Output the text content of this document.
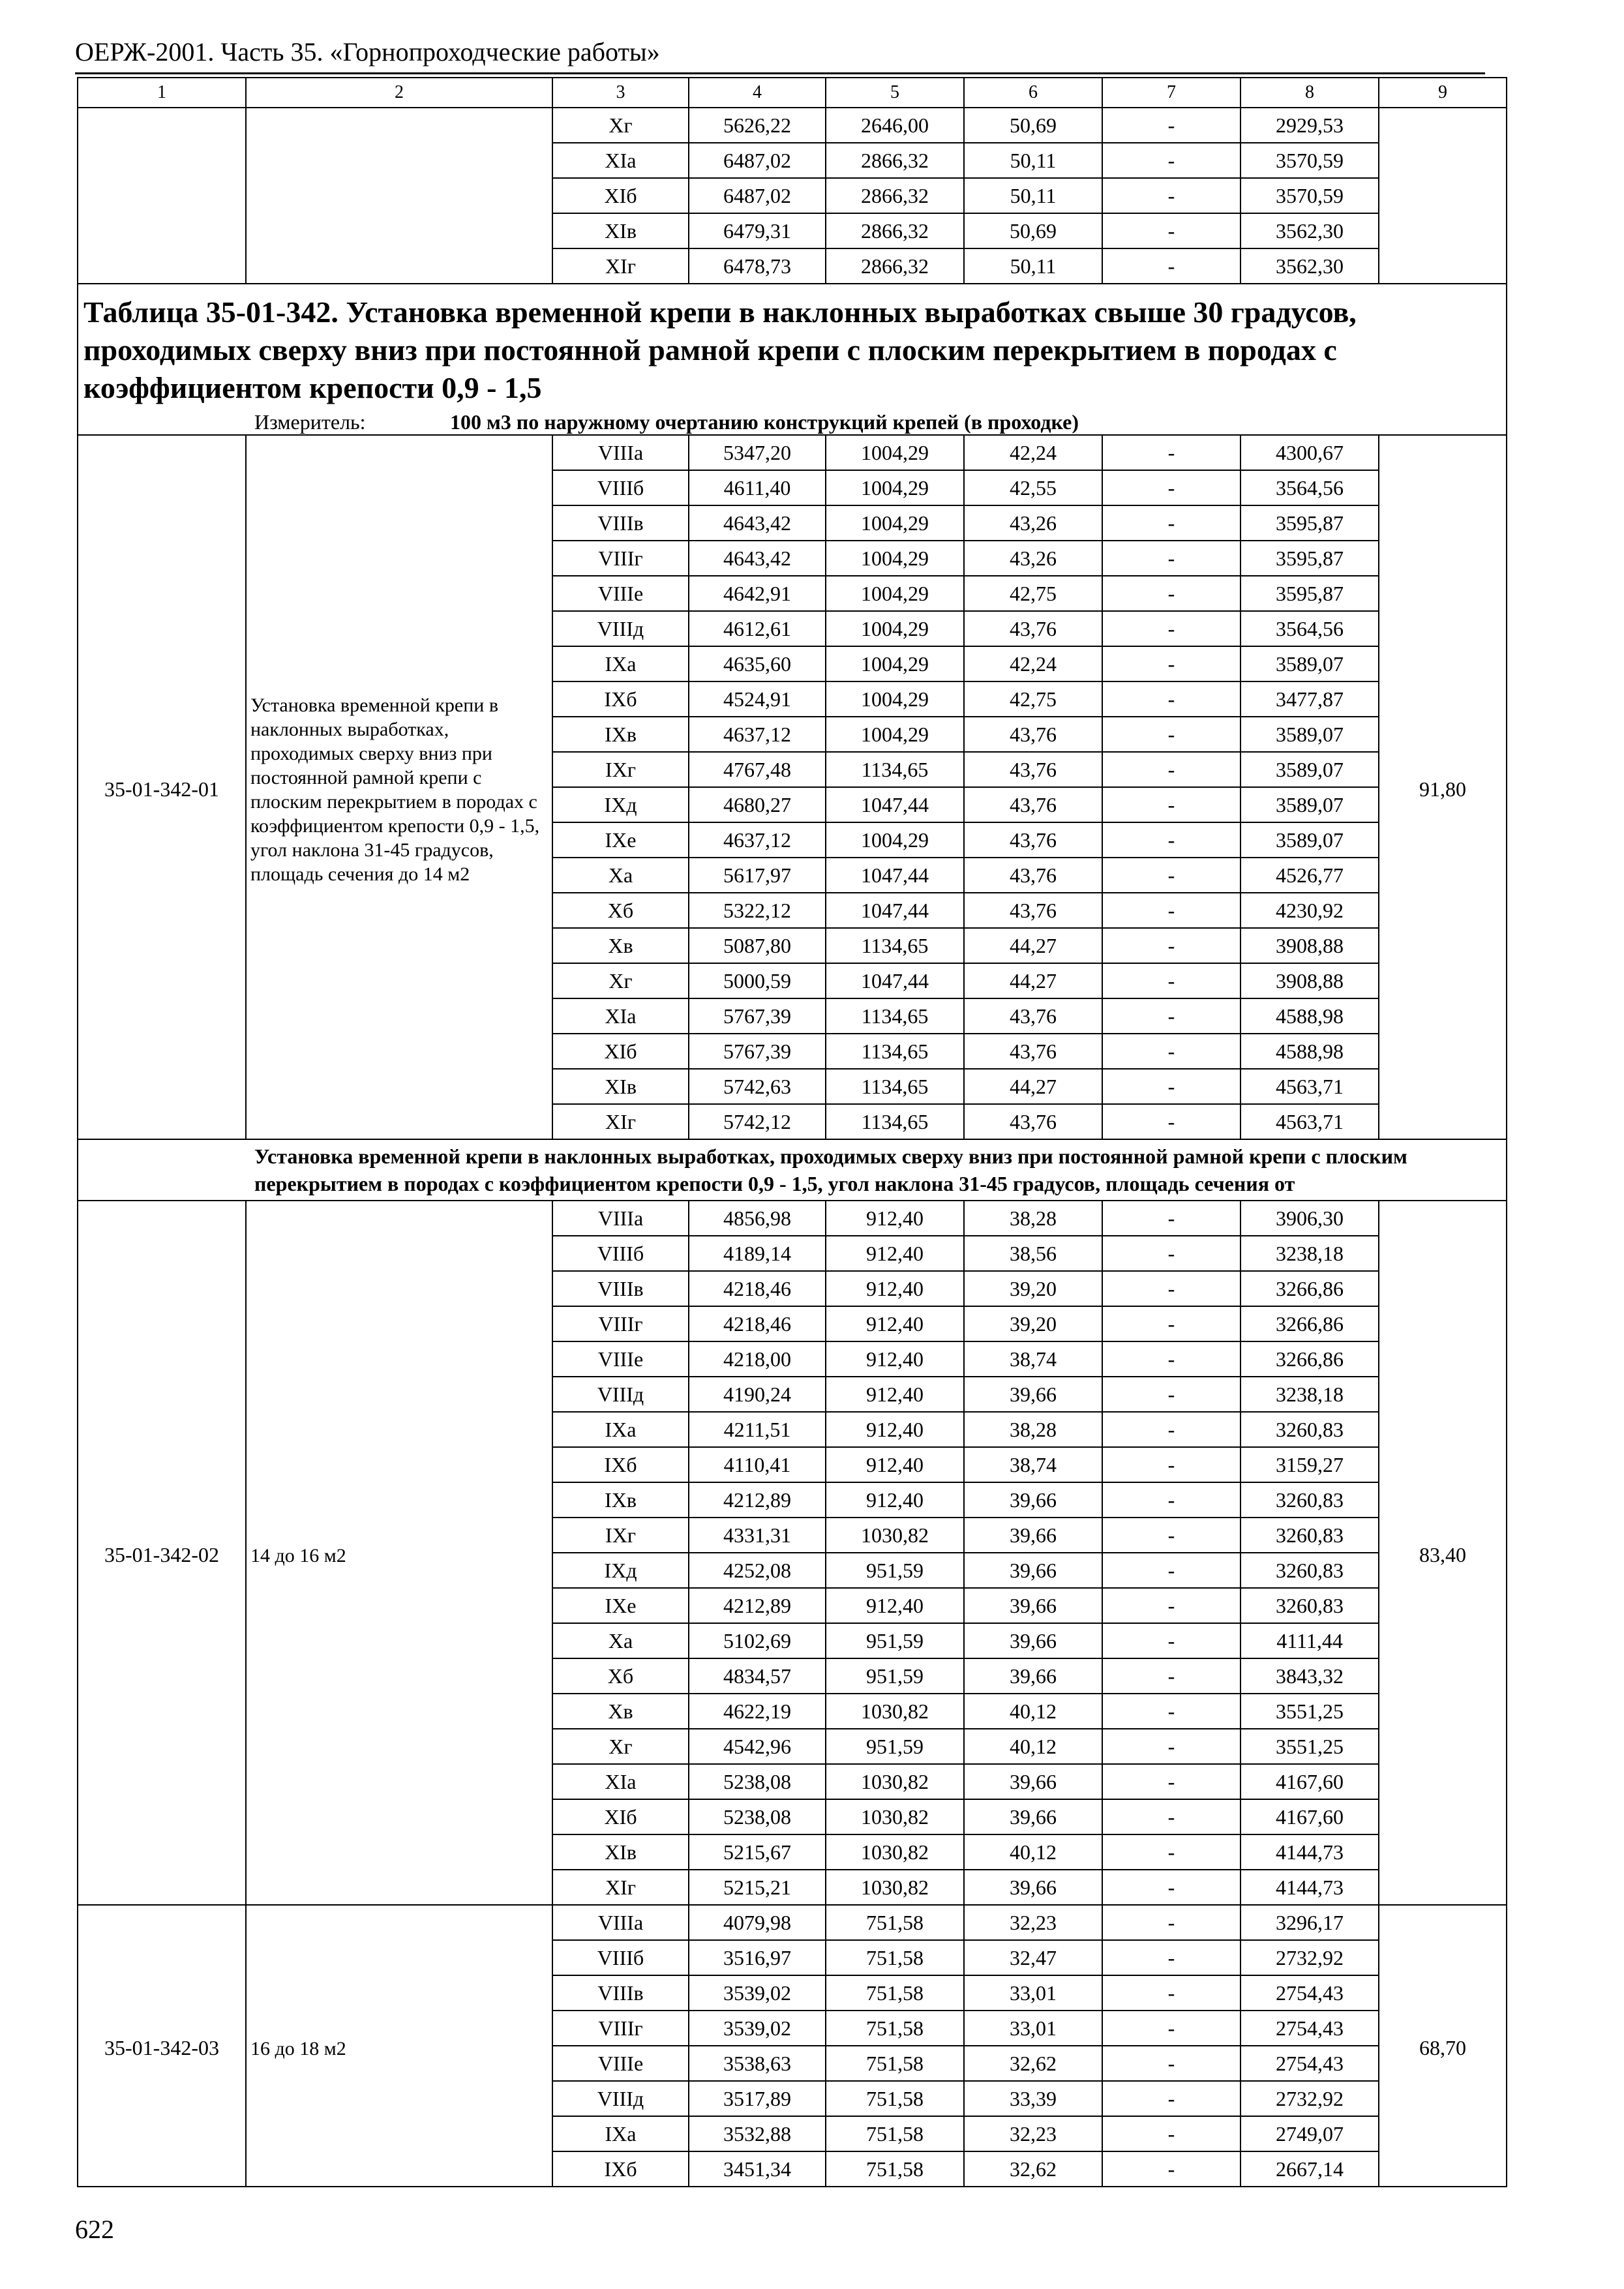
ОЕРЖ-2001. Часть 35. «Горнопроходческие работы»
1	2	3	4	5	6	7	8	9
		Хг	5626,22	2646,00	50,69	-	2929,53	
		ХIа	6487,02	2866,32	50,11	-	3570,59	
		ХIб	6487,02	2866,32	50,11	-	3570,59	
		ХIв	6479,31	2866,32	50,69	-	3562,30	
		ХIг	6478,73	2866,32	50,11	-	3562,30	

Таблица 35-01-342. Установка временной крепи в наклонных выработках свыше 30 градусов, проходимых сверху вниз при постоянной рамной крепи с плоским перекрытием в породах с коэффициентом крепости 0,9 - 1,5
Измеритель: 100 м3 по наружному очертанию конструкций крепей (в проходке)								

35-01-342-01	Установка временной крепи в наклонных выработках, проходимых сверху вниз при постоянной рамной крепи с плоским перекрытием в породах с коэффициентом крепости 0,9 - 1,5, угол наклона 31-45 градусов, площадь сечения до 14 м2	VIIIа	5347,20	1004,29	42,24	-	4300,67	91,80
		VIIIб	4611,40	1004,29	42,55	-	3564,56	
		VIIIв	4643,42	1004,29	43,26	-	3595,87	
		VIIIг	4643,42	1004,29	43,26	-	3595,87	
		VIIIе	4642,91	1004,29	42,75	-	3595,87	
		VIIIд	4612,61	1004,29	43,76	-	3564,56	
		IХа	4635,60	1004,29	42,24	-	3589,07	
		IХб	4524,91	1004,29	42,75	-	3477,87	
		IХв	4637,12	1004,29	43,76	-	3589,07	
		IХг	4767,48	1134,65	43,76	-	3589,07	
		IХд	4680,27	1047,44	43,76	-	3589,07	
		IХе	4637,12	1004,29	43,76	-	3589,07	
		Ха	5617,97	1047,44	43,76	-	4526,77	
		Хб	5322,12	1047,44	43,76	-	4230,92	
		Хв	5087,80	1134,65	44,27	-	3908,88	
		Хг	5000,59	1047,44	44,27	-	3908,88	
		ХIа	5767,39	1134,65	43,76	-	4588,98	
		ХIб	5767,39	1134,65	43,76	-	4588,98	
		ХIв	5742,63	1134,65	44,27	-	4563,71	
		ХIг	5742,12	1134,65	43,76	-	4563,71	

Установка временной крепи в наклонных выработках, проходимых сверху вниз при постоянной рамной крепи с плоским перекрытием в породах с коэффициентом крепости 0,9 - 1,5, угол наклона 31-45 градусов, площадь сечения от								

35-01-342-02	14 до 16 м2	VIIIа	4856,98	912,40	38,28	-	3906,30	83,40
		VIIIб	4189,14	912,40	38,56	-	3238,18	
		VIIIв	4218,46	912,40	39,20	-	3266,86	
		VIIIг	4218,46	912,40	39,20	-	3266,86	
		VIIIе	4218,00	912,40	38,74	-	3266,86	
		VIIIд	4190,24	912,40	39,66	-	3238,18	
		IХа	4211,51	912,40	38,28	-	3260,83	
		IХб	4110,41	912,40	38,74	-	3159,27	
		IХв	4212,89	912,40	39,66	-	3260,83	
		IХг	4331,31	1030,82	39,66	-	3260,83	
		IХд	4252,08	951,59	39,66	-	3260,83	
		IХе	4212,89	912,40	39,66	-	3260,83	
		Ха	5102,69	951,59	39,66	-	4111,44	
		Хб	4834,57	951,59	39,66	-	3843,32	
		Хв	4622,19	1030,82	40,12	-	3551,25	
		Хг	4542,96	951,59	40,12	-	3551,25	
		ХIа	5238,08	1030,82	39,66	-	4167,60	
		ХIб	5238,08	1030,82	39,66	-	4167,60	
		ХIв	5215,67	1030,82	40,12	-	4144,73	
		ХIг	5215,21	1030,82	39,66	-	4144,73	
35-01-342-03	16 до 18 м2	VIIIа	4079,98	751,58	32,23	-	3296,17	68,70
		VIIIб	3516,97	751,58	32,47	-	2732,92	
		VIIIв	3539,02	751,58	33,01	-	2754,43	
		VIIIг	3539,02	751,58	33,01	-	2754,43	
		VIIIе	3538,63	751,58	32,62	-	2754,43	
		VIIIд	3517,89	751,58	33,39	-	2732,92	
		IХа	3532,88	751,58	32,23	-	2749,07	
		IХб	3451,34	751,58	32,62	-	2667,14	
622
